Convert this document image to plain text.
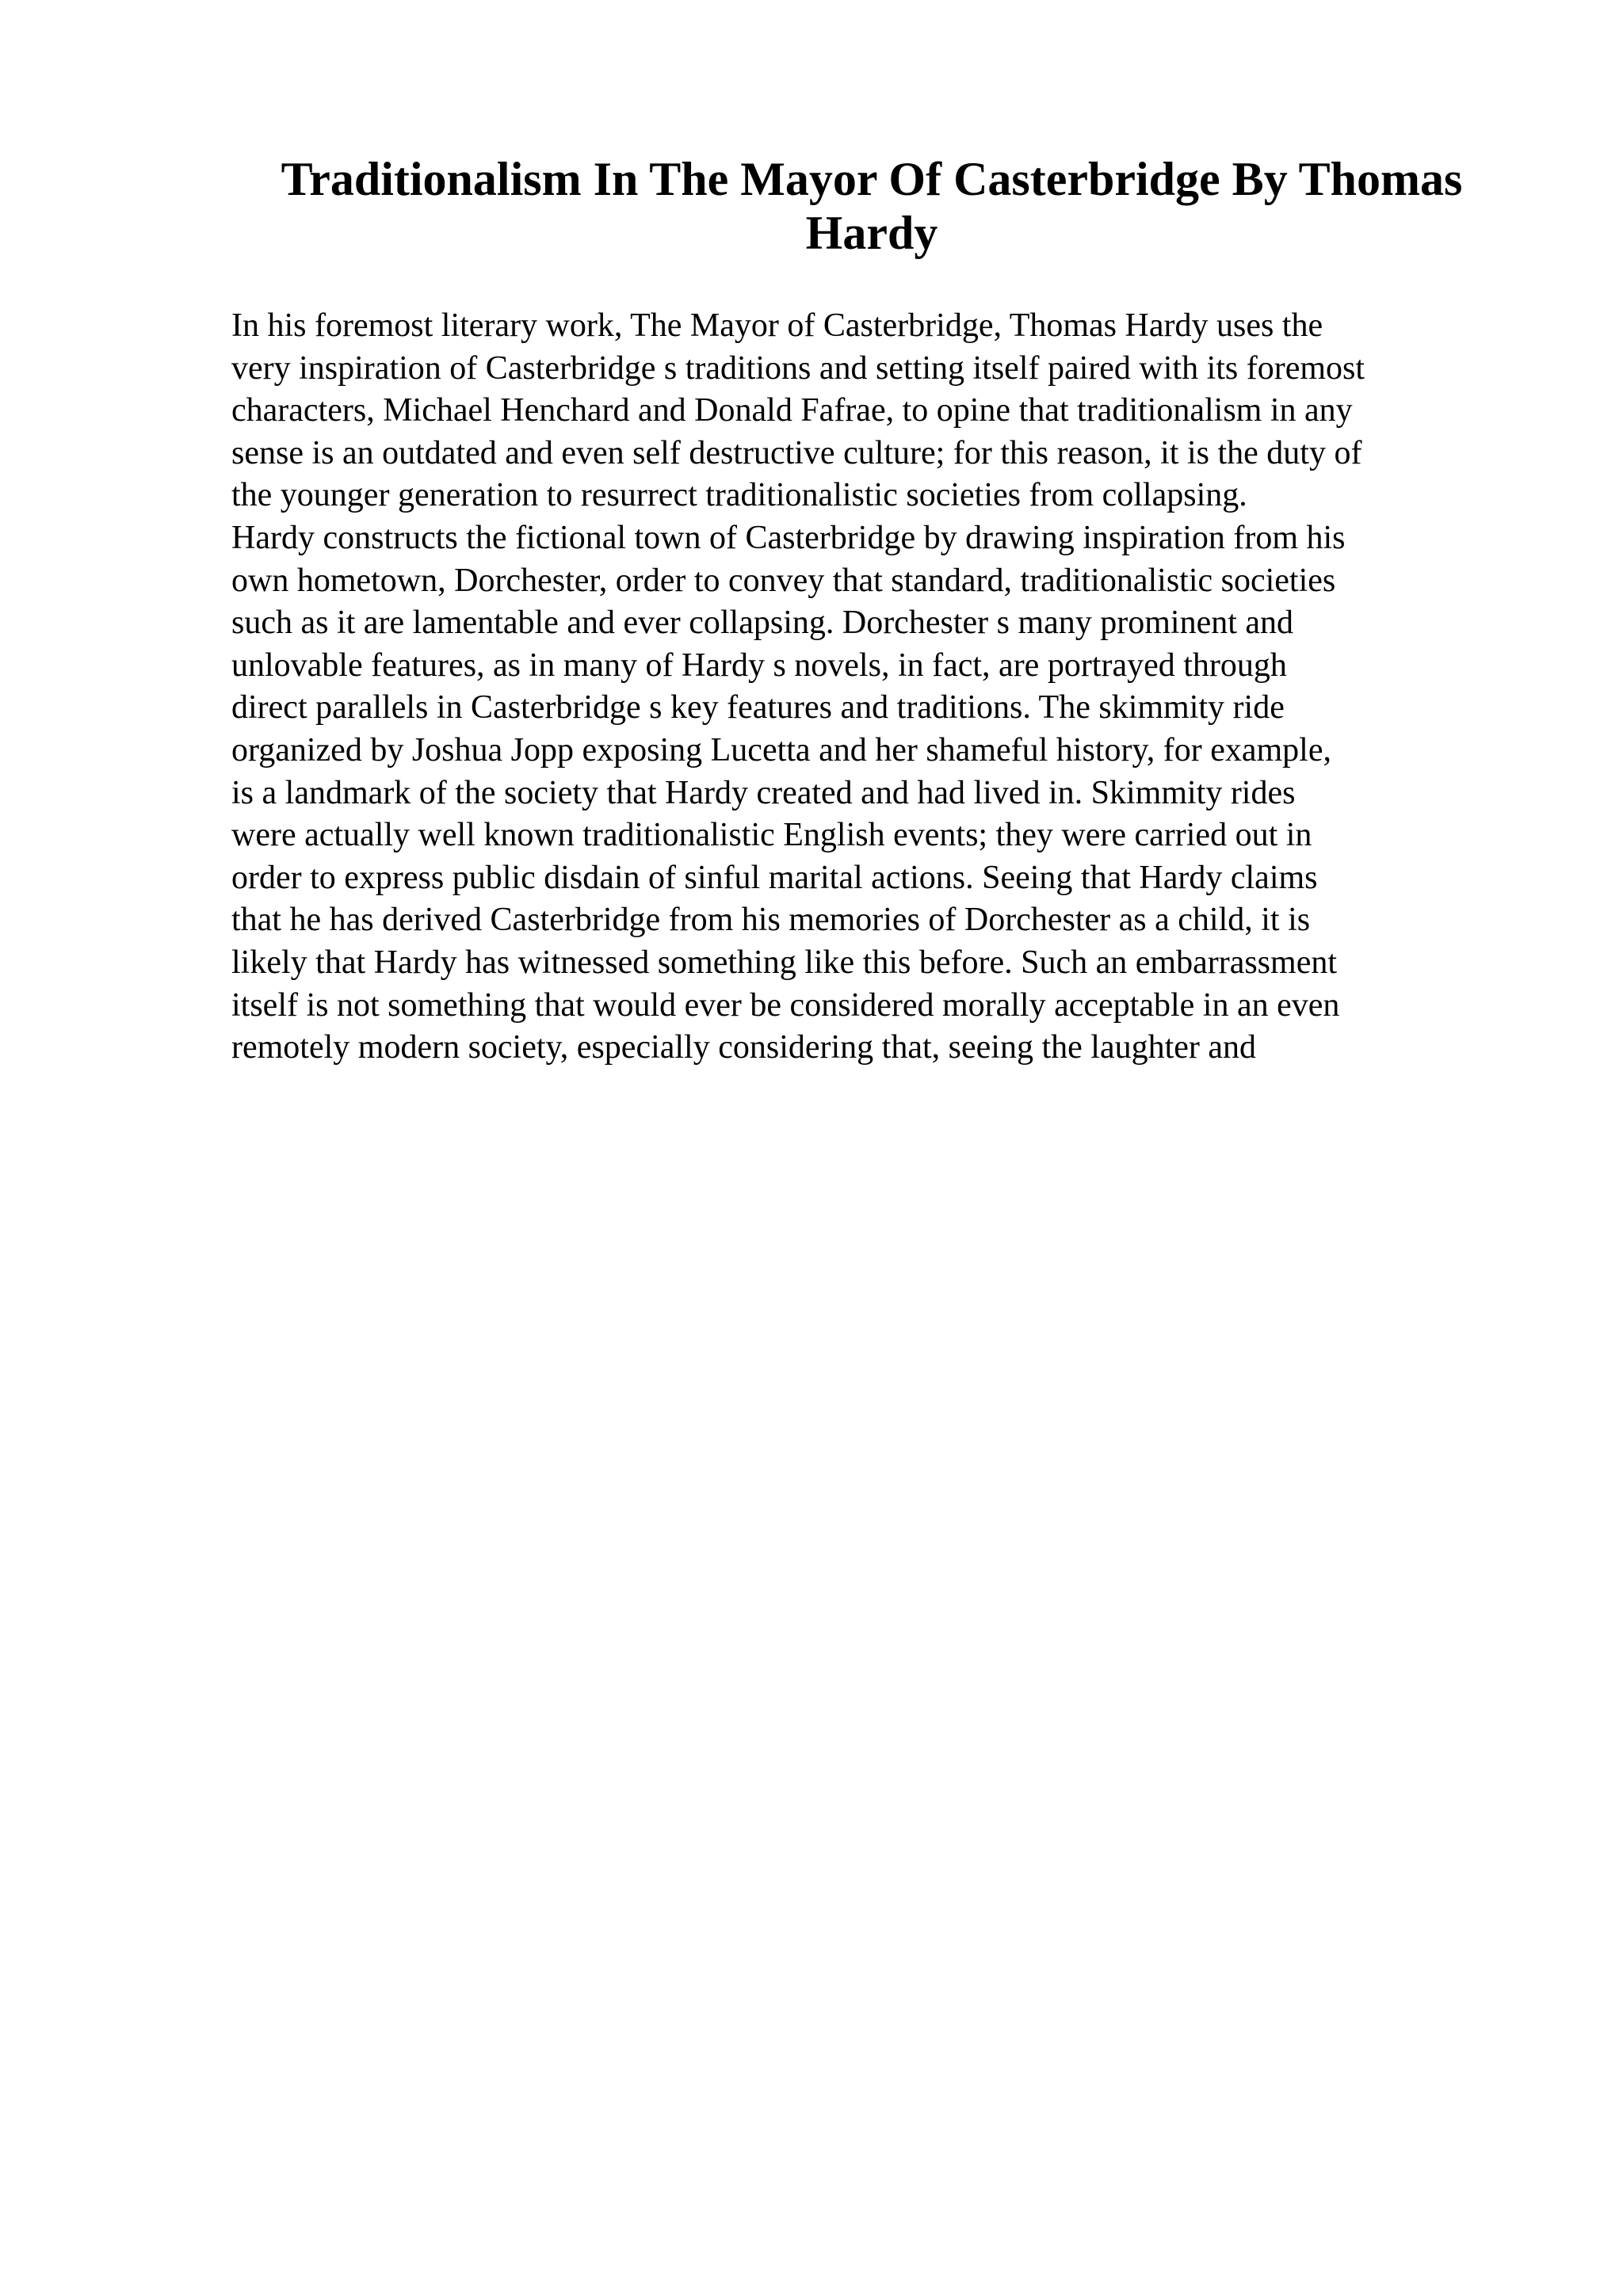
Traditionalism In The Mayor Of Casterbridge By Thomas
Hardy
In his foremost literary work, The Mayor of Casterbridge, Thomas Hardy uses the
very inspiration of Casterbridge s traditions and setting itself paired with its foremost
characters, Michael Henchard and Donald Fafrae, to opine that traditionalism in any
sense is an outdated and even self destructive culture; for this reason, it is the duty of
the younger generation to resurrect traditionalistic societies from collapsing.
Hardy constructs the fictional town of Casterbridge by drawing inspiration from his
own hometown, Dorchester, order to convey that standard, traditionalistic societies
such as it are lamentable and ever collapsing. Dorchester s many prominent and
unlovable features, as in many of Hardy s novels, in fact, are portrayed through
direct parallels in Casterbridge s key features and traditions. The skimmity ride
organized by Joshua Jopp exposing Lucetta and her shameful history, for example,
is a landmark of the society that Hardy created and had lived in. Skimmity rides
were actually well known traditionalistic English events; they were carried out in
order to express public disdain of sinful marital actions. Seeing that Hardy claims
that he has derived Casterbridge from his memories of Dorchester as a child, it is
likely that Hardy has witnessed something like this before. Such an embarrassment
itself is not something that would ever be considered morally acceptable in an even
remotely modern society, especially considering that, seeing the laughter and
